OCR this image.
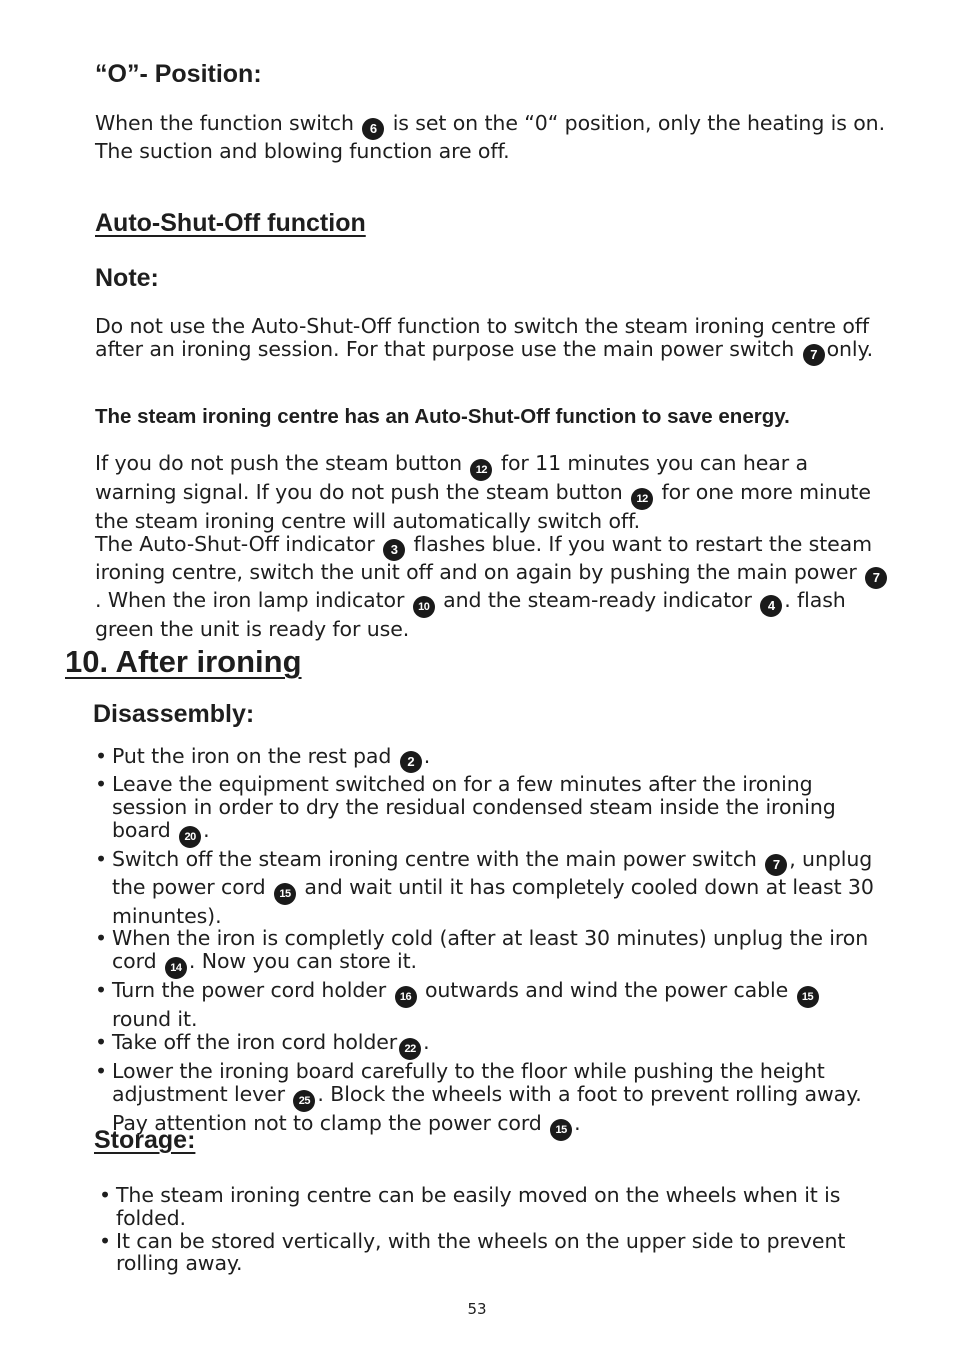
“O”- Position:
When the function switch 6 is set on the “0“ position, only the heating is on. The suction and blowing function are off.
Auto-Shut-Off function
Note:
Do not use the Auto-Shut-Off function to switch the steam ironing centre off after an ironing session. For that purpose use the main power switch 7 only.
The steam ironing centre has an Auto-Shut-Off function to save energy.
If you do not push the steam button 12 for 11 minutes you can hear a warning signal. If you do not push the steam button 12 for one more minute the steam ironing centre will automatically switch off.
The Auto-Shut-Off indicator 3 flashes blue. If you want to restart the steam ironing centre, switch the unit off and on again by pushing the main power 7. When the iron lamp indicator 10 and the steam-ready indicator 4 . flash green the unit is ready for use.
10. After ironing
Disassembly:
• Put the iron on the rest pad 2 .
• Leave the equipment switched on for a few minutes after the ironing session in order to dry the residual condensed steam inside the ironing board 20 .
• Switch off the steam ironing centre with the main power switch 7 , unplug the power cord 15 and wait until it has completely cooled down at least 30 minuntes).
• When the iron is completly cold (after at least 30 minutes) unplug the iron cord 14 . Now you can store it.
• Turn the power cord holder 16 outwards and wind the power cable 15 round it.
• Take off the iron cord holder 22 .
• Lower the ironing board carefully to the floor while pushing the height adjustment lever 25 . Block the wheels with a foot to prevent rolling away. Pay attention not to clamp the power cord 15 .
Storage:
• The steam ironing centre can be easily moved on the wheels when it is folded.
• It can be stored vertically, with the wheels on the upper side to prevent rolling away.
53
